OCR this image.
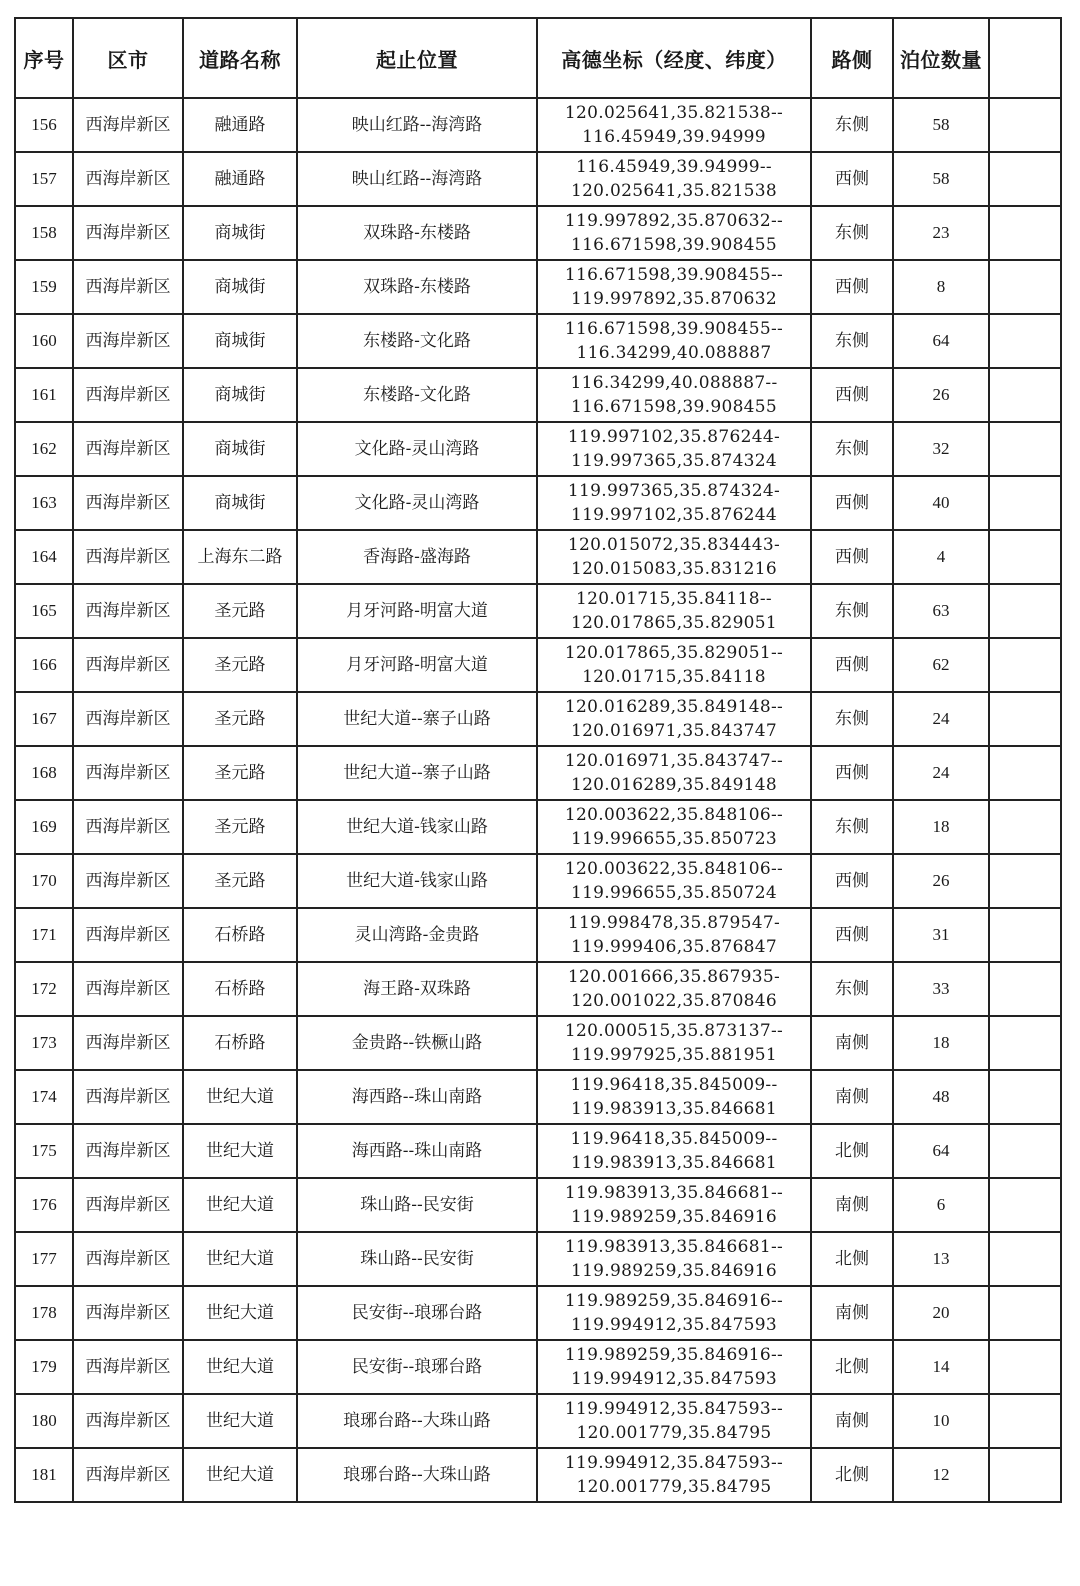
序号	区市	道路名称	起止位置	高德坐标（经度、纬度）	路侧	泊位数量	
156	西海岸新区	融通路	映山红路--海湾路	120.025641,35.821538--
116.45949,39.94999	东侧	58	
157	西海岸新区	融通路	映山红路--海湾路	116.45949,39.94999--
120.025641,35.821538	西侧	58	
158	西海岸新区	商城街	双珠路-东楼路	119.997892,35.870632--
116.671598,39.908455	东侧	23	
159	西海岸新区	商城街	双珠路-东楼路	116.671598,39.908455--
119.997892,35.870632	西侧	8	
160	西海岸新区	商城街	东楼路-文化路	116.671598,39.908455--
116.34299,40.088887	东侧	64	
161	西海岸新区	商城街	东楼路-文化路	116.34299,40.088887--
116.671598,39.908455	西侧	26	
162	西海岸新区	商城街	文化路-灵山湾路	119.997102,35.876244-
119.997365,35.874324	东侧	32	
163	西海岸新区	商城街	文化路-灵山湾路	119.997365,35.874324-
119.997102,35.876244	西侧	40	
164	西海岸新区	上海东二路	香海路-盛海路	120.015072,35.834443-
120.015083,35.831216	西侧	4	
165	西海岸新区	圣元路	月牙河路-明富大道	120.01715,35.84118--
120.017865,35.829051	东侧	63	
166	西海岸新区	圣元路	月牙河路-明富大道	120.017865,35.829051--
120.01715,35.84118	西侧	62	
167	西海岸新区	圣元路	世纪大道--寨子山路	120.016289,35.849148--
120.016971,35.843747	东侧	24	
168	西海岸新区	圣元路	世纪大道--寨子山路	120.016971,35.843747--
120.016289,35.849148	西侧	24	
169	西海岸新区	圣元路	世纪大道-钱家山路	120.003622,35.848106--
119.996655,35.850723	东侧	18	
170	西海岸新区	圣元路	世纪大道-钱家山路	120.003622,35.848106--
119.996655,35.850724	西侧	26	
171	西海岸新区	石桥路	灵山湾路-金贵路	119.998478,35.879547-
119.999406,35.876847	西侧	31	
172	西海岸新区	石桥路	海王路-双珠路	120.001666,35.867935-
120.001022,35.870846	东侧	33	
173	西海岸新区	石桥路	金贵路--铁橛山路	120.000515,35.873137--
119.997925,35.881951	南侧	18	
174	西海岸新区	世纪大道	海西路--珠山南路	119.96418,35.845009--
119.983913,35.846681	南侧	48	
175	西海岸新区	世纪大道	海西路--珠山南路	119.96418,35.845009--
119.983913,35.846681	北侧	64	
176	西海岸新区	世纪大道	珠山路--民安街	119.983913,35.846681--
119.989259,35.846916	南侧	6	
177	西海岸新区	世纪大道	珠山路--民安街	119.983913,35.846681--
119.989259,35.846916	北侧	13	
178	西海岸新区	世纪大道	民安街--琅琊台路	119.989259,35.846916--
119.994912,35.847593	南侧	20	
179	西海岸新区	世纪大道	民安街--琅琊台路	119.989259,35.846916--
119.994912,35.847593	北侧	14	
180	西海岸新区	世纪大道	琅琊台路--大珠山路	119.994912,35.847593--
120.001779,35.84795	南侧	10	
181	西海岸新区	世纪大道	琅琊台路--大珠山路	119.994912,35.847593--
120.001779,35.84795	北侧	12	
